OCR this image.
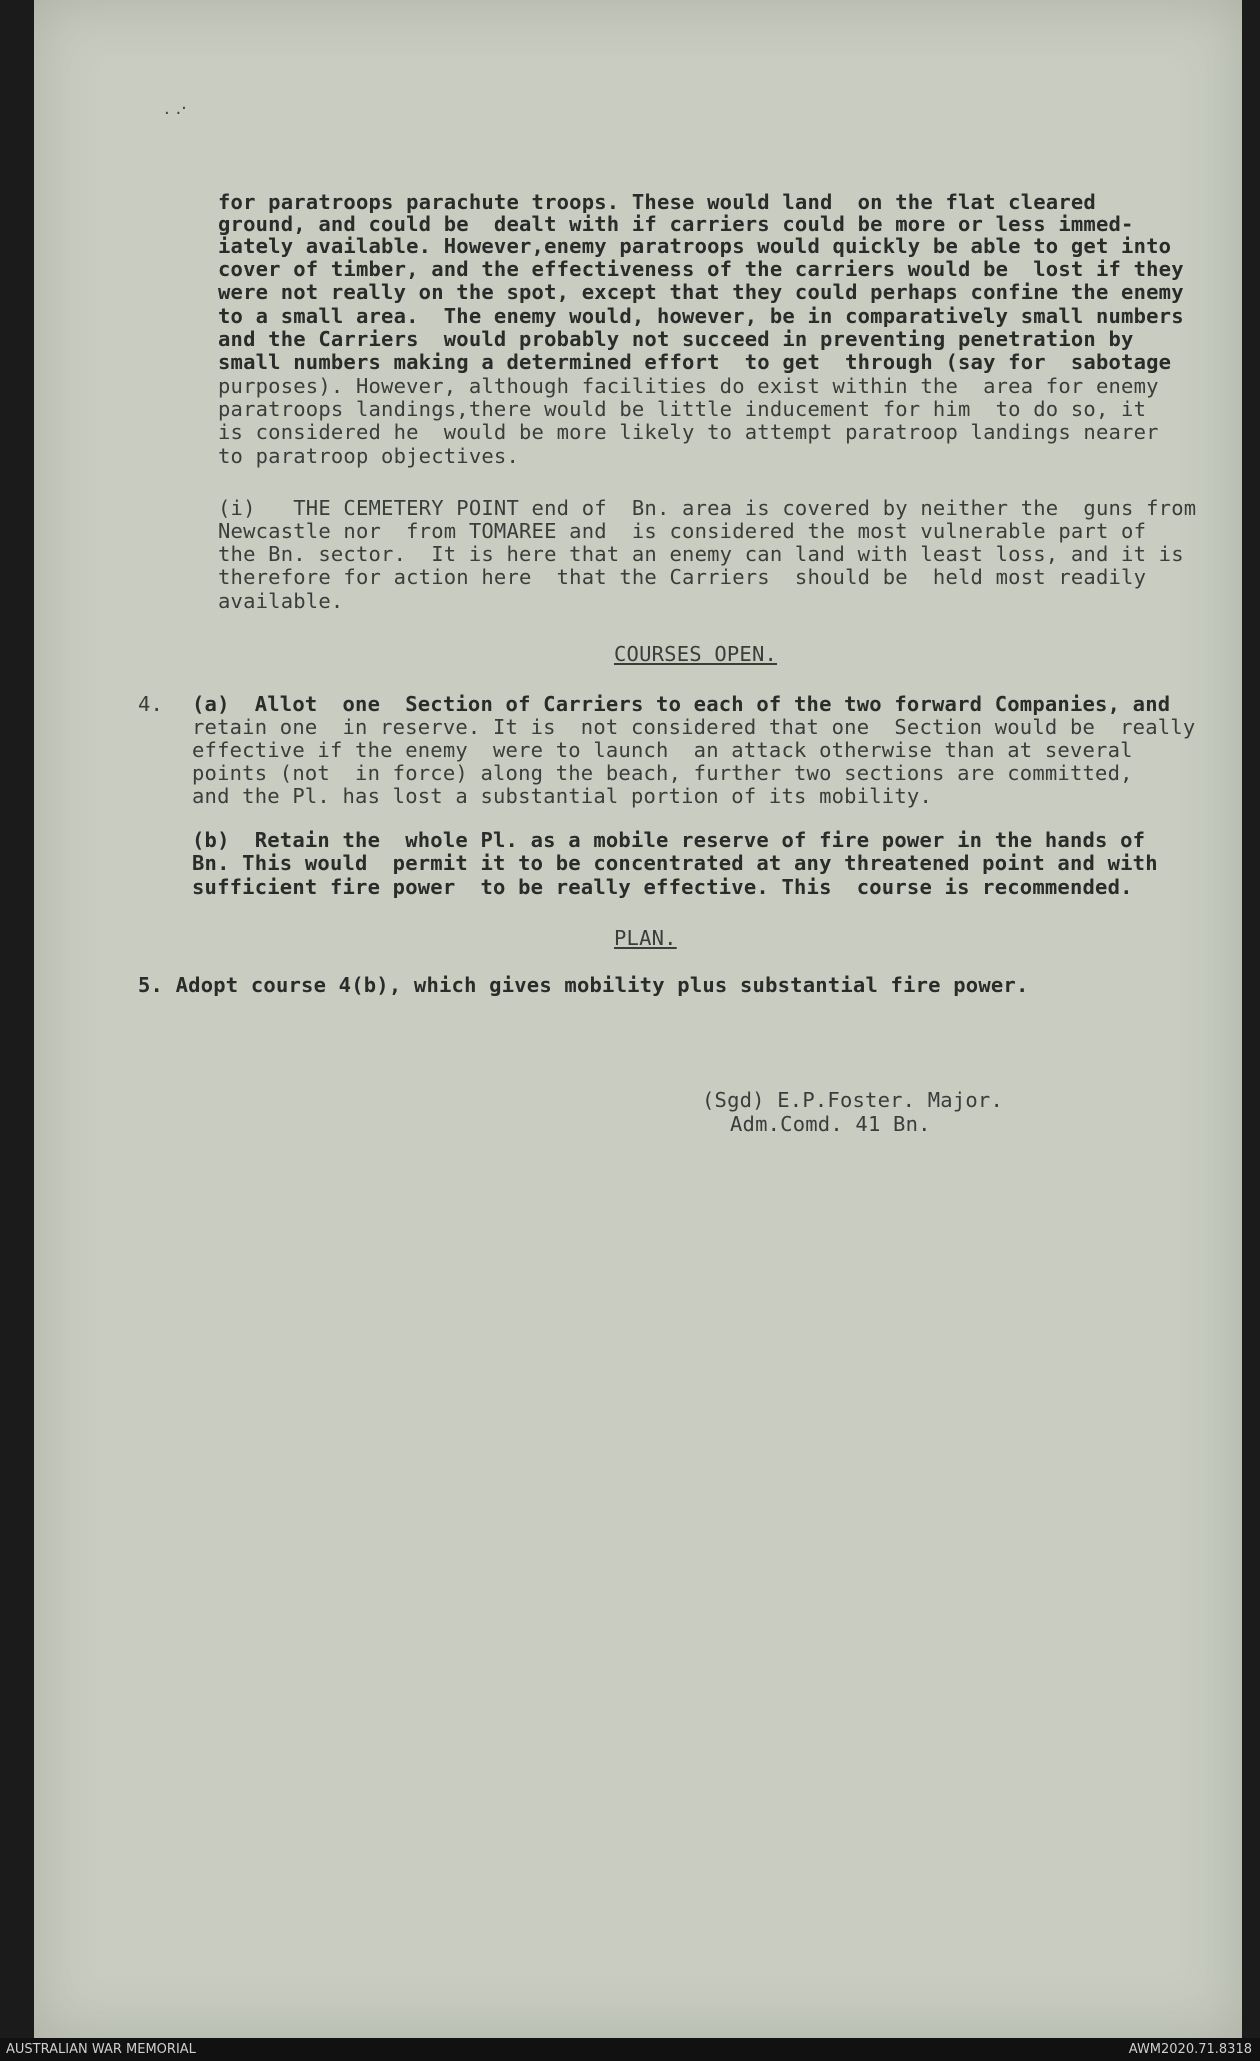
. .·
for paratroops parachute troops. These would land  on the flat cleared
ground, and could be  dealt with if carriers could be more or less immed-
iately available. However,enemy paratroops would quickly be able to get into
cover of timber, and the effectiveness of the carriers would be  lost if they
were not really on the spot, except that they could perhaps confine the enemy
to a small area.  The enemy would, however, be in comparatively small numbers
and the Carriers  would probably not succeed in preventing penetration by
small numbers making a determined effort  to get  through (say for  sabotage
purposes). However, although facilities do exist within the  area for enemy
paratroops landings,there would be little inducement for him  to do so, it
is considered he  would be more likely to attempt paratroop landings nearer
to paratroop objectives.
(i)   THE CEMETERY POINT end of  Bn. area is covered by neither the  guns from
Newcastle nor  from TOMAREE and  is considered the most vulnerable part of
the Bn. sector.  It is here that an enemy can land with least loss, and it is
therefore for action here  that the Carriers  should be  held most readily
available.
COURSES OPEN.
4. (a)  Allot  one  Section of Carriers to each of the two forward Companies, and
retain one  in reserve. It is  not considered that one  Section would be  really
effective if the enemy  were to launch  an attack otherwise than at several
points (not  in force) along the beach, further two sections are committed,
and the Pl. has lost a substantial portion of its mobility.
(b)  Retain the  whole Pl. as a mobile reserve of fire power in the hands of
Bn. This would  permit it to be concentrated at any threatened point and with
sufficient fire power  to be really effective. This  course is recommended.
PLAN.
5. Adopt course 4(b), which gives mobility plus substantial fire power.
(Sgd) E.P.Foster. Major.
Adm.Comd. 41 Bn.
AUSTRALIAN WAR MEMORIAL	AWM2020.71.8318
